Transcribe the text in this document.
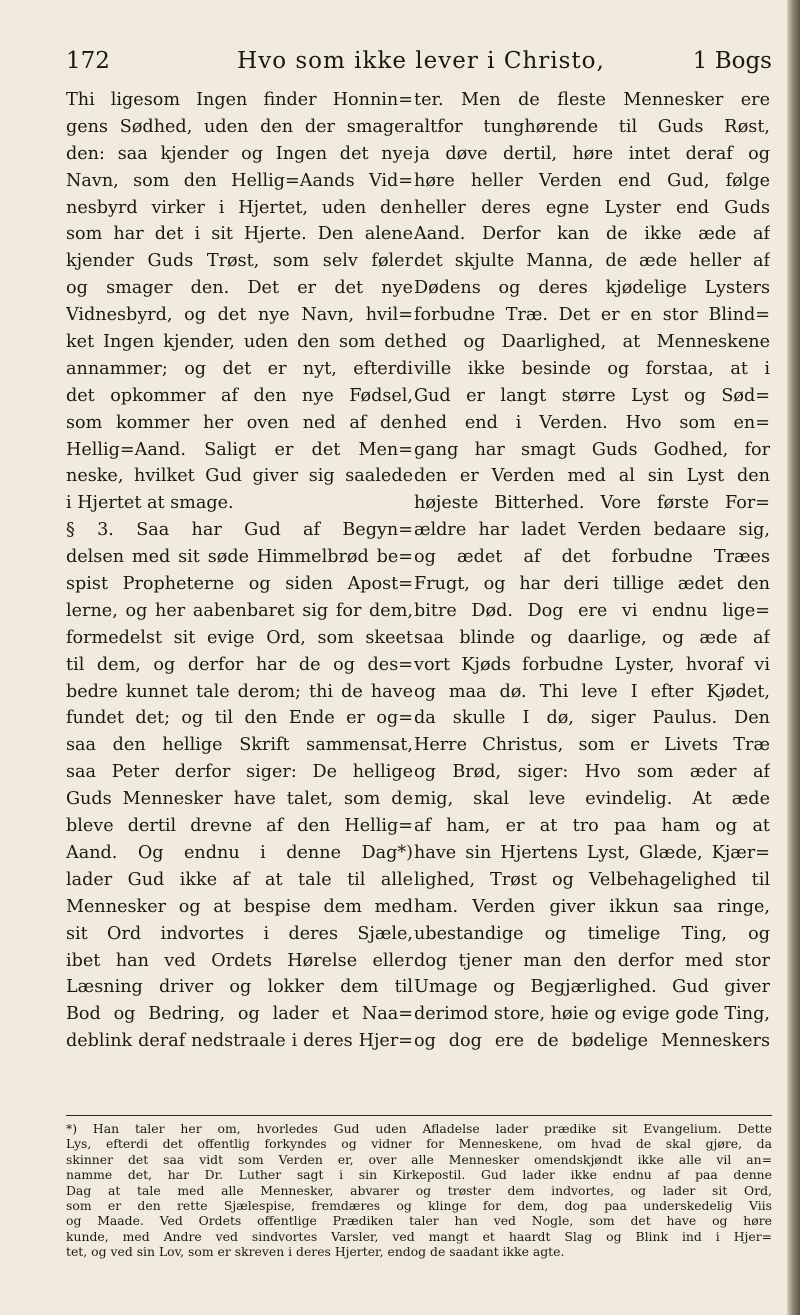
172	Hvo som ikke lever i Christo,	1 Bogs
Thi ligesom Ingen finder Honnin=
gens Sødhed, uden den der smager
den: saa kjender og Ingen det nye
Navn, som den Hellig=Aands Vid=
nesbyrd virker i Hjertet, uden den
som har det i sit Hjerte. Den alene
kjender Guds Trøst, som selv føler
og smager den. Det er det nye
Vidnesbyrd, og det nye Navn, hvil=
ket Ingen kjender, uden den som det
annammer; og det er nyt, efterdi
det opkommer af den nye Fødsel,
som kommer her oven ned af den
Hellig=Aand. Saligt er det Men=
neske, hvilket Gud giver sig saalede
i Hjertet at smage.
§ 3. Saa har Gud af Begyn=
delsen med sit søde Himmelbrød be=
spist Propheterne og siden Apost=
lerne, og her aabenbaret sig for dem,
formedelst sit evige Ord, som skeet
til dem, og derfor har de og des=
bedre kunnet tale derom; thi de have
fundet det; og til den Ende er og=
saa den hellige Skrift sammensat,
saa Peter derfor siger: De hellige
Guds Mennesker have talet, som de
bleve dertil drevne af den Hellig=
Aand. Og endnu i denne Dag*)
lader Gud ikke af at tale til alle
Mennesker og at bespise dem med
sit Ord indvortes i deres Sjæle,
ibet han ved Ordets Hørelse eller
Læsning driver og lokker dem til
Bod og Bedring, og lader et Naa=
deblink deraf nedstraale i deres Hjer=
ter. Men de fleste Mennesker ere
altfor tunghørende til Guds Røst,
ja døve dertil, høre intet deraf og
høre heller Verden end Gud, følge
heller deres egne Lyster end Guds
Aand. Derfor kan de ikke æde af
det skjulte Manna, de æde heller af
Dødens og deres kjødelige Lysters
forbudne Træ. Det er en stor Blind=
hed og Daarlighed, at Menneskene
ville ikke besinde og forstaa, at i
Gud er langt større Lyst og Sød=
hed end i Verden. Hvo som en=
gang har smagt Guds Godhed, for
den er Verden med al sin Lyst den
højeste Bitterhed. Vore første For=
ældre har ladet Verden bedaare sig,
og ædet af det forbudne Træes
Frugt, og har deri tillige ædet den
bitre Død. Dog ere vi endnu lige=
saa blinde og daarlige, og æde af
vort Kjøds forbudne Lyster, hvoraf vi
og maa dø. Thi leve I efter Kjødet,
da skulle I dø, siger Paulus. Den
Herre Christus, som er Livets Træ
og Brød, siger: Hvo som æder af
mig, skal leve evindelig. At æde
af ham, er at tro paa ham og at
have sin Hjertens Lyst, Glæde, Kjær=
lighed, Trøst og Velbehagelighed til
ham. Verden giver ikkun saa ringe,
ubestandige og timelige Ting, og
dog tjener man den derfor med stor
Umage og Begjærlighed. Gud giver
derimod store, høie og evige gode Ting,
og dog ere de bødelige Menneskers
*) Han taler her om, hvorledes Gud uden Afladelse lader prædike sit Evangelium. Dette
Lys, efterdi det offentlig forkyndes og vidner for Menneskene, om hvad de skal gjøre, da
skinner det saa vidt som Verden er, over alle Mennesker omendskjøndt ikke alle vil an=
namme det, har Dr. Luther sagt i sin Kirkepostil. Gud lader ikke endnu af paa denne
Dag at tale med alle Mennesker, abvarer og trøster dem indvortes, og lader sit Ord,
som er den rette Sjælespise, fremdæres og klinge for dem, dog paa underskedelig Viis
og Maade. Ved Ordets offentlige Prædiken taler han ved Nogle, som det have og høre
kunde, med Andre ved sindvortes Varsler, ved mangt et haardt Slag og Blink ind i Hjer=
tet, og ved sin Lov, som er skreven i deres Hjerter, endog de saadant ikke agte.
